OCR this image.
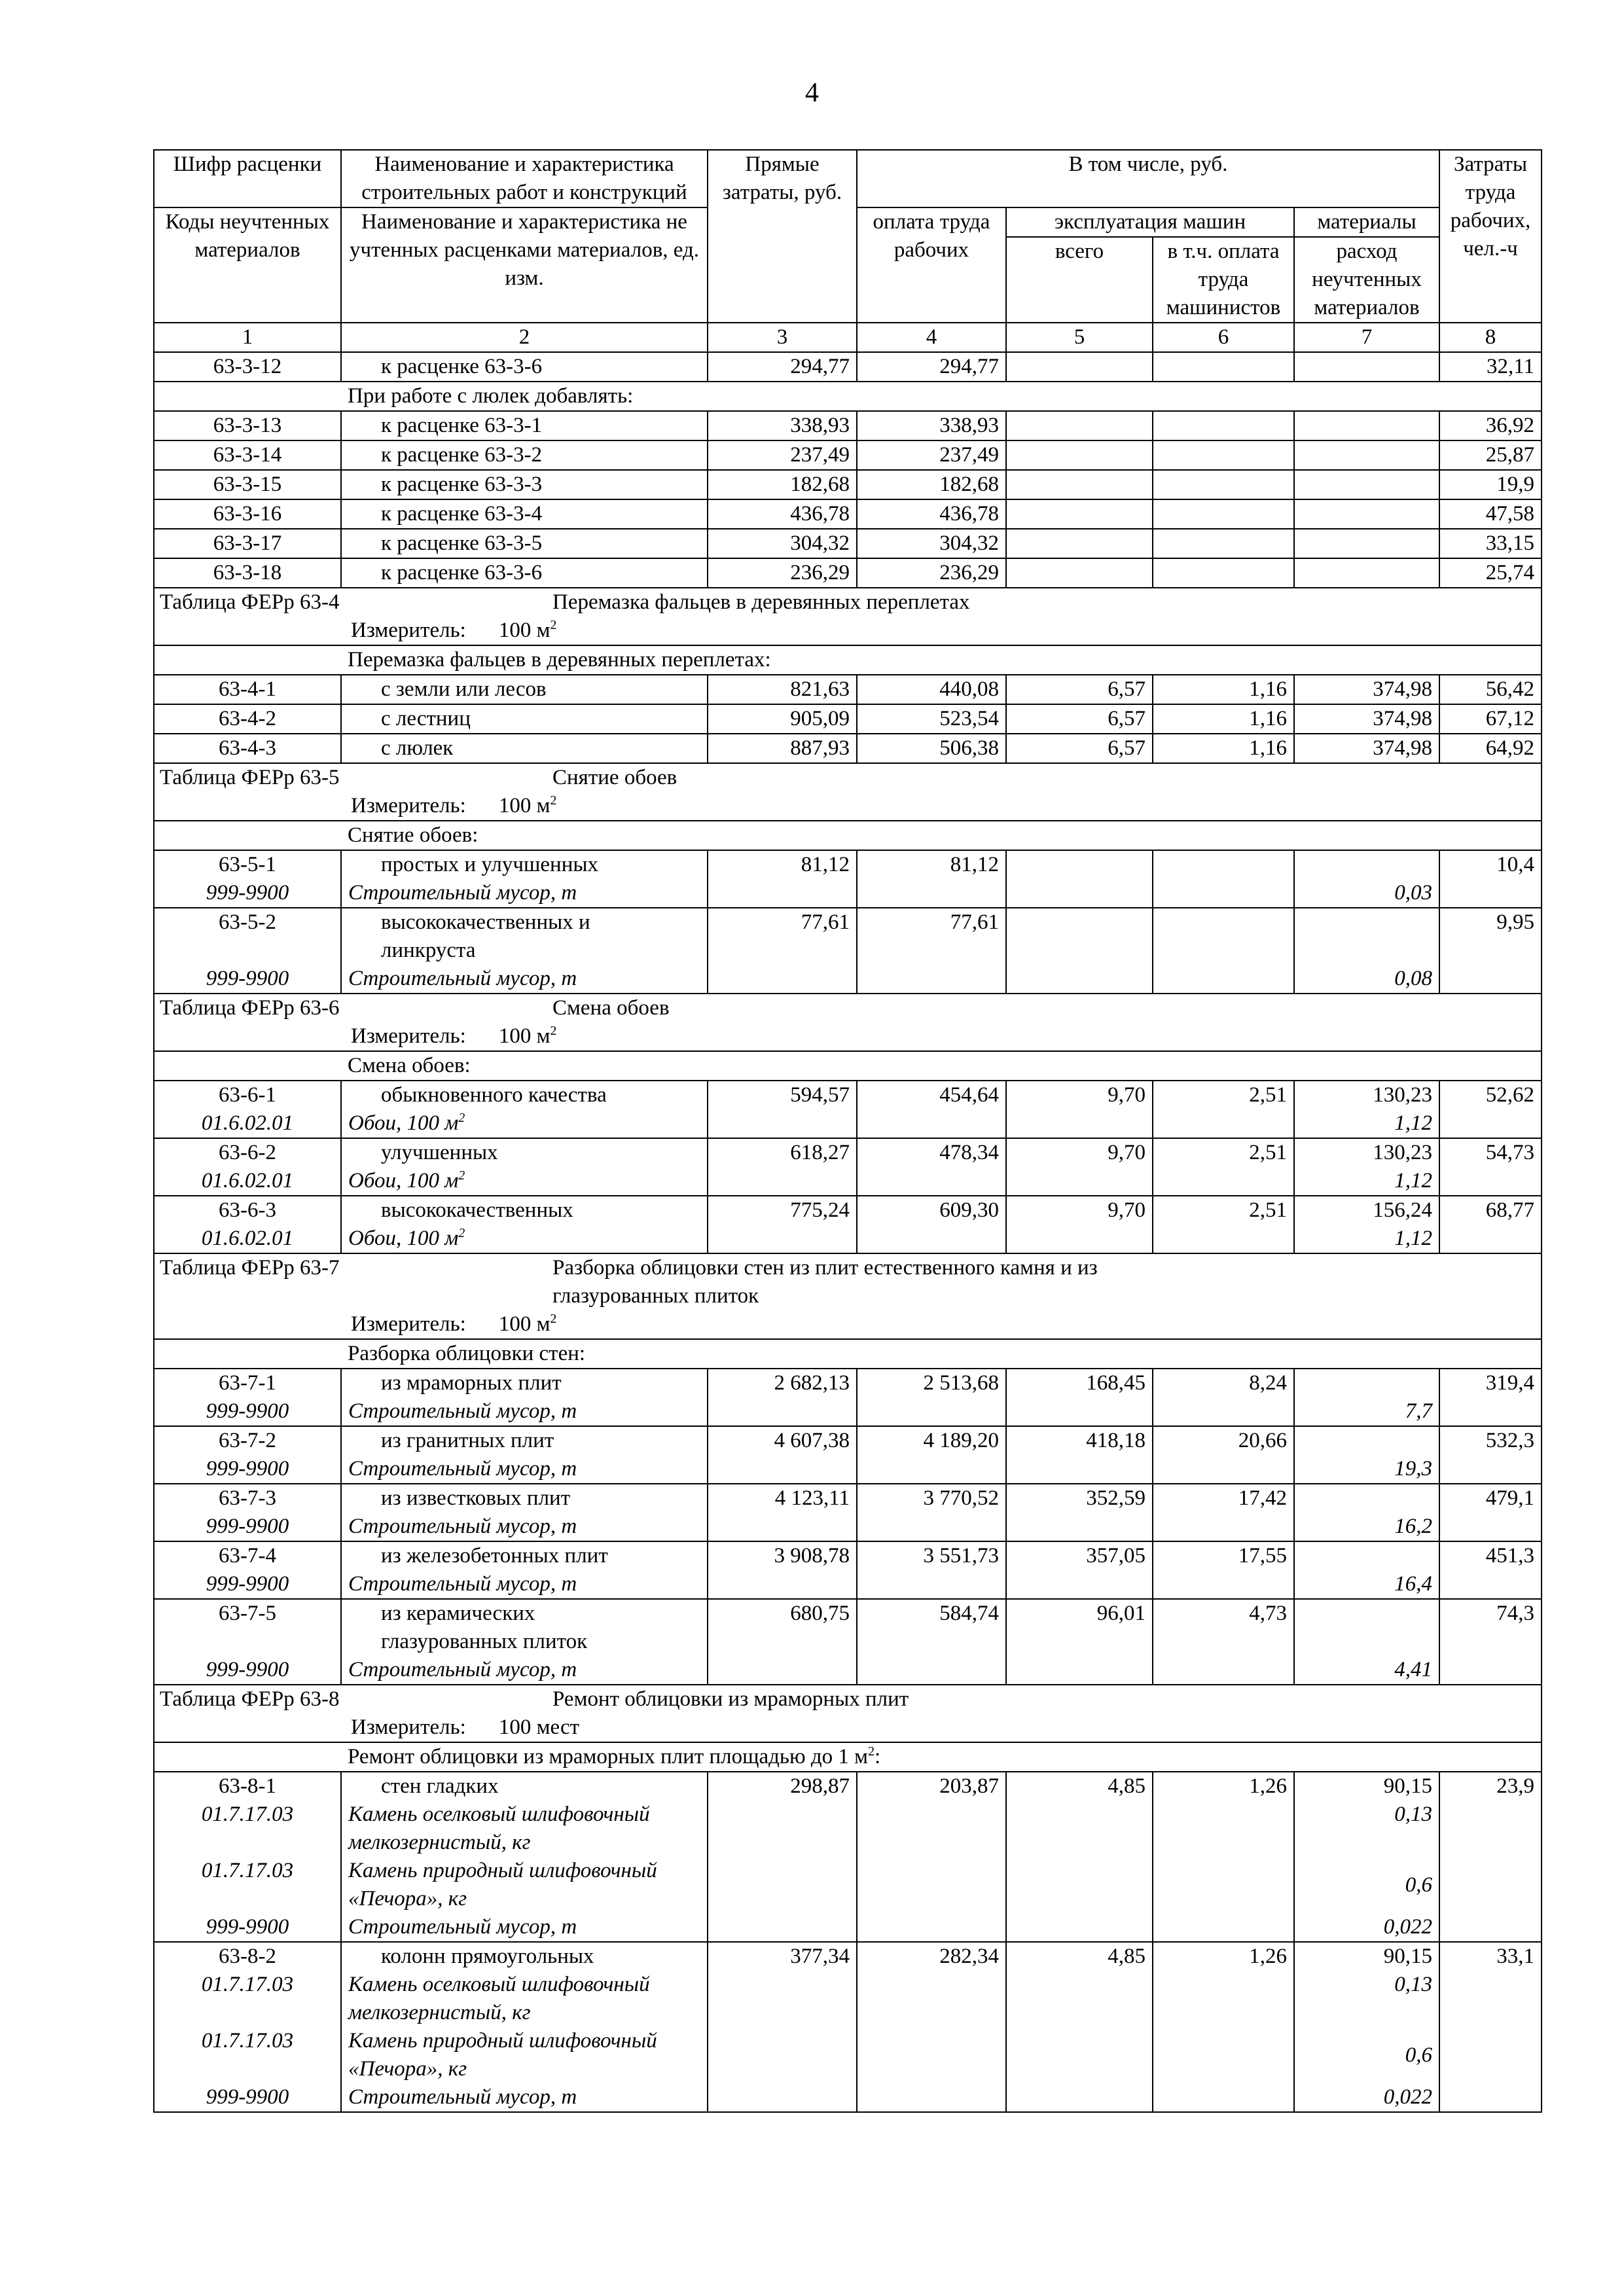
4
Шифр расценки	Наименование и характеристика строительных работ и конструкций	Прямые затраты, руб.	В том числе, руб.				Затраты труда рабочих, чел.-ч
Коды неучтенных материалов	Наименование и характеристика не учтенных расценками материалов, ед. изм.		оплата труда рабочих	эксплуатация машин		материалы	
				всего	в т.ч. оплата труда машинистов	расход неучтенных материалов	
1	2	3	4	5	6	7	8
63-3-12	к расценке 63-3-6	294,77	294,77				32,11
	При работе с люлек добавлять:						
63-3-13	к расценке 63-3-1	338,93	338,93				36,92
63-3-14	к расценке 63-3-2	237,49	237,49				25,87
63-3-15	к расценке 63-3-3	182,68	182,68				19,9
63-3-16	к расценке 63-3-4	436,78	436,78				47,58
63-3-17	к расценке 63-3-5	304,32	304,32				33,15
63-3-18	к расценке 63-3-6	236,29	236,29				25,74
Таблица ФЕРр 63-4 Перемазка фальцев в деревянных переплетах							
Измеритель: 100 $м^2$
	Перемазка фальцев в деревянных переплетах:						
63-4-1	с земли или лесов	821,63	440,08	6,57	1,16	374,98	56,42
63-4-2	с лестниц	905,09	523,54	6,57	1,16	374,98	67,12
63-4-3	с люлек	887,93	506,38	6,57	1,16	374,98	64,92
Таблица ФЕРр 63-5 Снятие обоев							
Измеритель: 100 $м^2$
	Снятие обоев:						
63-5-1	простых и улучшенных	81,12	81,12				10,4
999-9900	Строительный мусор, т					0,03	
63-5-2	высококачественных и
линкруста	77,61	77,61				9,95
999-9900	Строительный мусор, т					0,08	
Таблица ФЕРр 63-6 Смена обоев							
Измеритель: 100 $м^2$
	Смена обоев:						
63-6-1	обыкновенного качества	594,57	454,64	9,70	2,51	130,23	52,62
01.6.02.01	Обои, 100 $м^2$					1,12	
63-6-2	улучшенных	618,27	478,34	9,70	2,51	130,23	54,73
01.6.02.01	Обои, 100 $м^2$					1,12	
63-6-3	высококачественных	775,24	609,30	9,70	2,51	156,24	68,77
01.6.02.01	Обои, 100 $м^2$					1,12	
Таблица ФЕРр 63-7 Разборка облицовки стен из плит естественного камня и из
глазурованных плиток							
Измеритель: 100 $м^2$
	Разборка облицовки стен:						
63-7-1	из мраморных плит	2 682,13	2 513,68	168,45	8,24		319,4
999-9900	Строительный мусор, т					7,7	
63-7-2	из гранитных плит	4 607,38	4 189,20	418,18	20,66		532,3
999-9900	Строительный мусор, т					19,3	
63-7-3	из известковых плит	4 123,11	3 770,52	352,59	17,42		479,1
999-9900	Строительный мусор, т					16,2	
63-7-4	из железобетонных плит	3 908,78	3 551,73	357,05	17,55		451,3
999-9900	Строительный мусор, т					16,4	
63-7-5	из керамических
глазурованных плиток	680,75	584,74	96,01	4,73		74,3
999-9900	Строительный мусор, т					4,41	
Таблица ФЕРр 63-8 Ремонт облицовки из мраморных плит							
Измеритель: 100 мест							
	Ремонт облицовки из мраморных плит площадью до 1 $м^2$:						
63-8-1	стен гладких	298,87	203,87	4,85	1,26	90,15	23,9
01.7.17.03	Камень оселковый шлифовочный
мелкозернистый, кг					0,13	
01.7.17.03	Камень природный шлифовочный
«Печора», кг					0,6	
999-9900	Строительный мусор, т					0,022	
63-8-2	колонн прямоугольных	377,34	282,34	4,85	1,26	90,15	33,1
01.7.17.03	Камень оселковый шлифовочный
мелкозернистый, кг					0,13	
01.7.17.03	Камень природный шлифовочный
«Печора», кг					0,6	
999-9900	Строительный мусор, т					0,022	
